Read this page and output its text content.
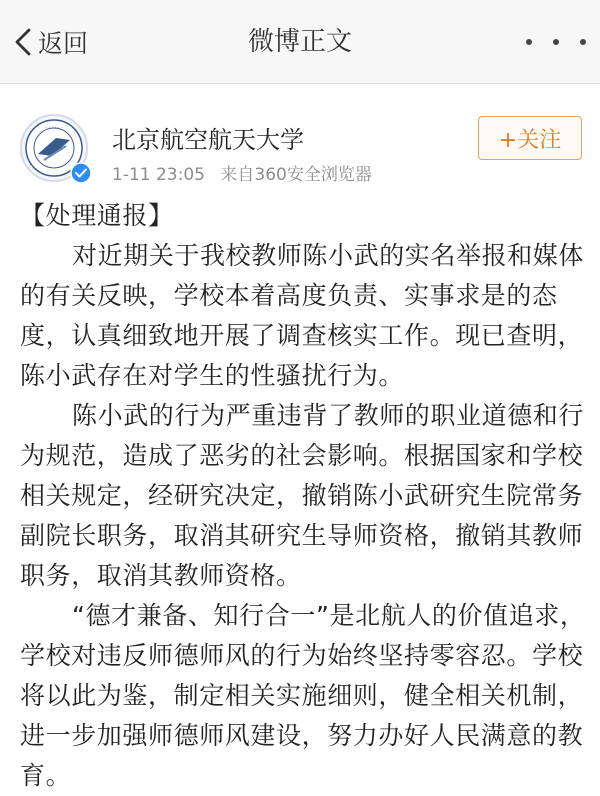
返回	微博正文
· · · · · · 北京航空航天大学
1-11 23:05 来自360安全浏览器
+关注

【处理通报】

对近期关于我校教师陈小武的实名举报和媒体的有关反映，学校本着高度负责、实事求是的态度，认真细致地开展了调查核实工作。现已查明，陈小武存在对学生的性骚扰行为。

陈小武的行为严重违背了教师的职业道德和行为规范，造成了恶劣的社会影响。根据国家和学校相关规定，经研究决定，撤销陈小武研究生院常务副院长职务，取消其研究生导师资格，撤销其教师职务，取消其教师资格。

“德才兼备、知行合一”是北航人的价值追求，学校对违反师德师风的行为始终坚持零容忍。学校将以此为鉴，制定相关实施细则，健全相关机制，进一步加强师德师风建设，努力办好人民满意的教育。
